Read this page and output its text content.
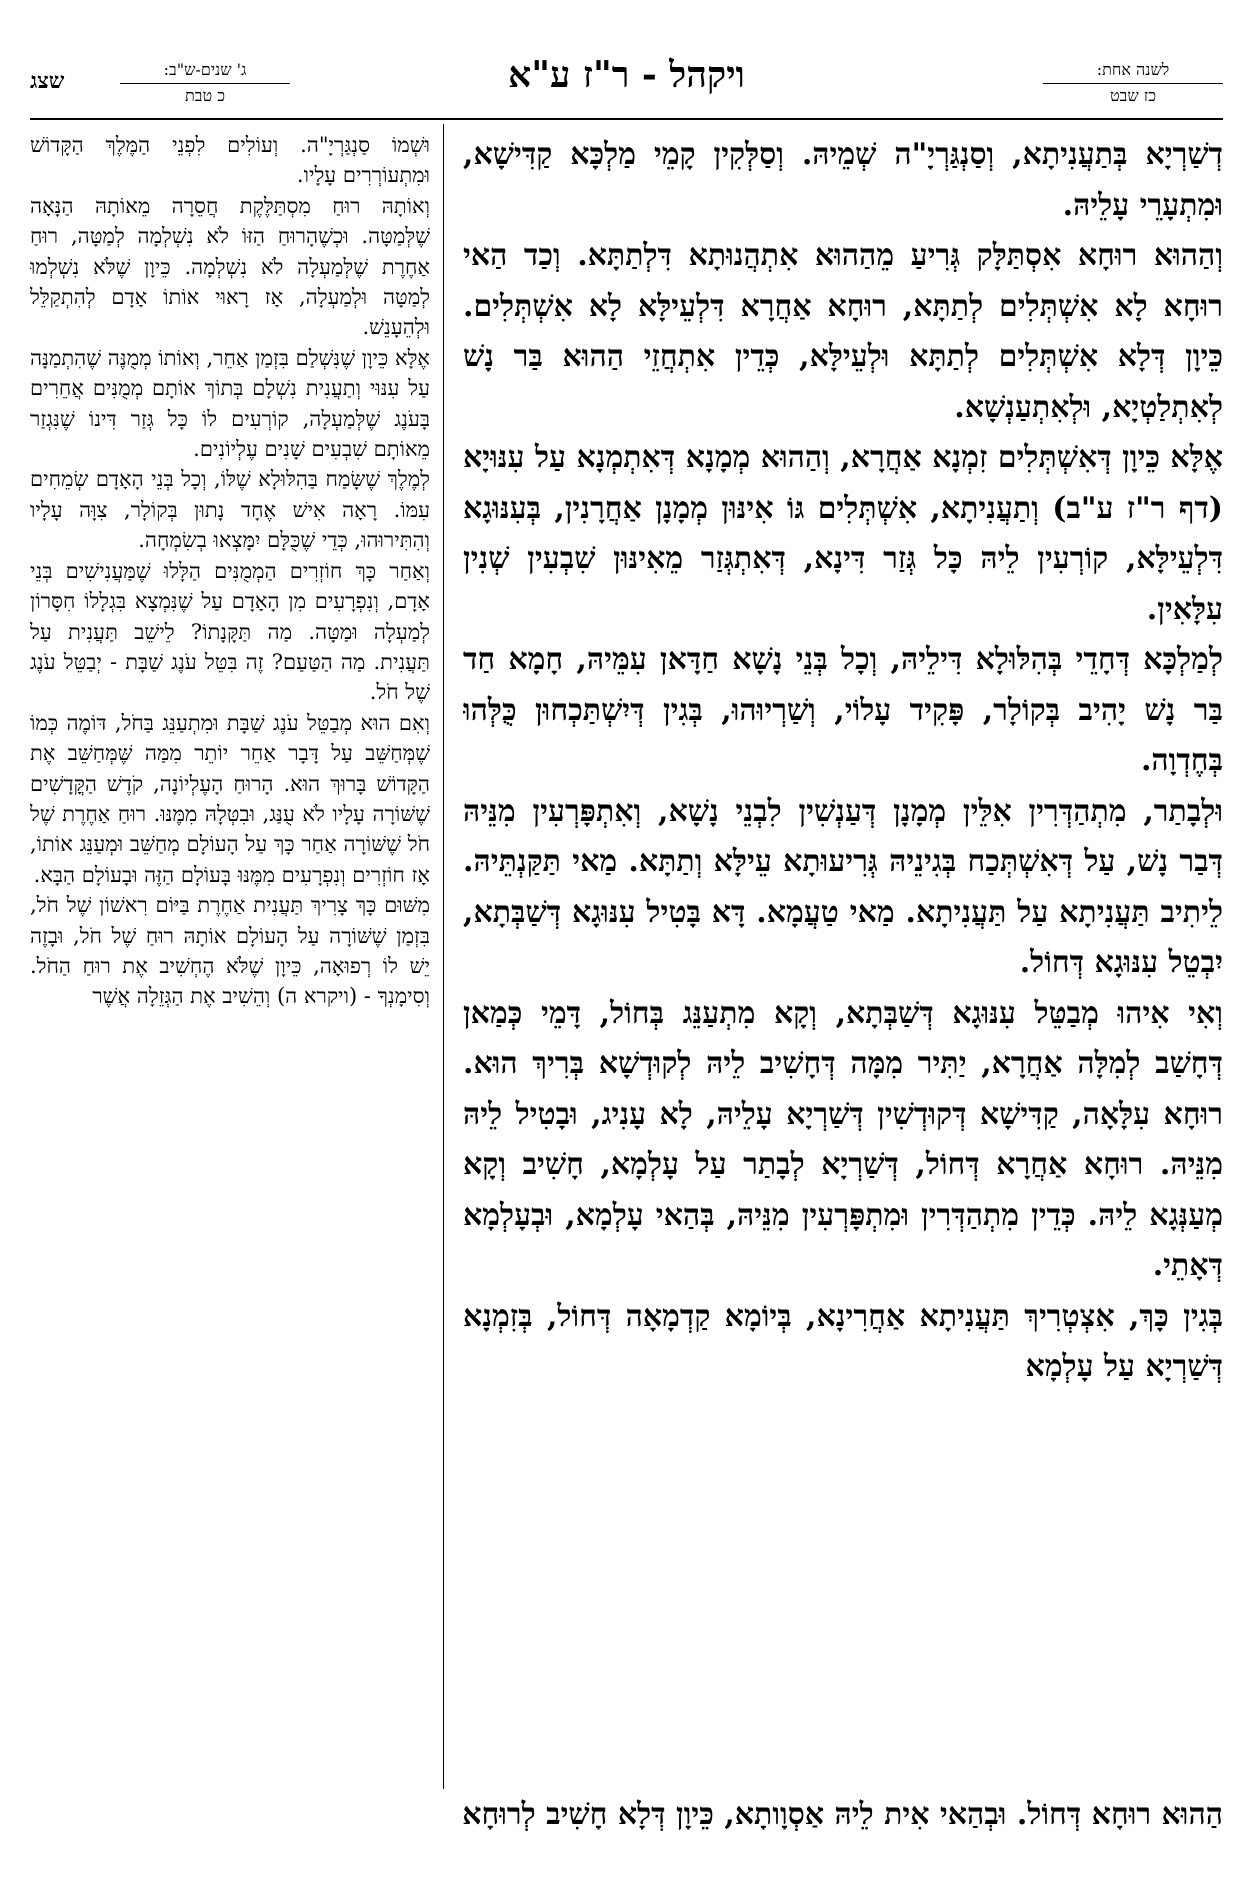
לשנה אחת:
כז שבט
ויקהל - ר"ז ע"א
ג' שנים-ש"ב:
כ טבת
שצג

דְשַׁרְיָא בְּתַעֲנִיתָא, וְסַנְגַּרְיָ"ה שְׁמֵיהּ. וְסַלְּקִין קָמֵי מַלְכָּא קַדִּישָׁא, וּמִתְעָרֵי עָלֵיהּ.

וְהַהוּא רוּחָא אִסְתַּלָּק גְּרִיעַ מֵהַהוּא אִתְהֲנוּתָא דִּלְתַתָּא. וְכַד הַאי רוּחָא לָא אִשְׁתְּלִים לְתַתָּא, רוּחָא אַחֲרָא דִּלְעֵילָּא לָא אִשְׁתְּלִים. כֵּיוָן דְּלָא אִשְׁתְּלִים לְתַתָּא וּלְעֵילָּא, כְּדֵין אִתְחֲזֵי הַהוּא בַּר נָשׁ לְאִתְלַטְיָא, וּלְאִתְעַנְשָׁא.

אֶלָּא כֵּיוָן דְּאִשְׁתְּלִים זִמְנָא אַחֲרָא, וְהַהוּא מְמָנָא דְּאִתְמְנָא עַל עִנּוּיָא (דף ר"ז ע"ב) וְתַעֲנִיתָא, אִשְׁתְּלִים גּוֹ אִינּוּן מְמָנָן אַחֲרָנִין, בְּעִנּוּגָא דִּלְעֵילָּא, קוֹרְעִין לֵיהּ כָּל גְּזַר דִּינָא, דְּאִתְגְּזַר מֵאִינּוּן שִׁבְעִין שְׁנִין עִלָּאִין.

לְמַלְכָּא דְּחָדֵי בְּהִלּוּלָא דִּילֵיהּ, וְכָל בְּנֵי נָשָׁא חַדָּאן עִמֵּיהּ, חָמָא חַד בַּר נָשׁ יָהִיב בְּקוֹלָר, פָּקִיד עָלוֹי, וְשַׁרְיוּהוּ, בְּגִין דְּיִשְׁתַּכְחוּן כֻּלְּהוּ בְּחֶדְוָה.

וּלְבָתַר, מִתְהַדְּרִין אִלֵּין מְמָנָן דְּעַנְשִׁין לִבְנֵי נָשָׁא, וְאִתְפָּרְעִין מִנֵּיהּ דְּבַר נָשׁ, עַל דְּאִשְׁתְּכַח בְּגִינֵיהּ גְּרִיעוּתָא עֵילָּא וְתַתָּא. מַאי תַּקַּנְתֵּיהּ. לֵיתִיב תַּעֲנִיתָא עַל תַּעֲנִיתָא. מַאי טַעֲמָא. דָּא בָּטִיל עִנּוּגָא דְּשַׁבְּתָא, יִבְטֵל עִנּוּגָא דְּחוֹל.

וְאִי אִיהוּ מְבַטֵּל עִנּוּגָא דְּשַׁבְּתָא, וְקָא מִתְעַנֵּג בְּחוֹל, דָּמֵי כְּמַאן דְּחָשַׁב לְמִלָּה אַחֲרָא, יַתִּיר מִמָּה דְּחָשִׁיב לֵיהּ לְקוּדְשָׁא בְּרִיךְ הוּא. רוּחָא עִלָּאָה, קַדִּישָׁא דְּקוּדְשִׁין דְּשַׁרְיָא עָלֵיהּ, לָא עָנִיג, וּבָטִיל לֵיהּ מִנֵּיהּ. רוּחָא אַחֲרָא דְּחוֹל, דְּשַׁרְיָא לְבָתַר עַל עָלְמָא, חָשִׁיב וְקָא מְעַנְּגָא לֵיהּ. כְּדֵין מִתְהַדְּרִין וּמִתְפָּרְעִין מִנֵּיהּ, בְּהַאי עָלְמָא, וּבְעָלְמָא דְּאָתֵי.

בְּגִין כָּךְ, אִצְטְרִיךְ תַּעֲנִיתָא אַחֲרִינָא, בְּיוֹמָא קַדְמָאָה דְּחוֹל, בְּזִמְנָא דְּשַׁרְיָא עַל עָלְמָא

וּשְׁמוֹ סַנְגַּרְיָ"ה. וְעוֹלִים לִפְנֵי הַמֶּלֶךְ הַקָּדוֹשׁ וּמִתְעוֹרְרִים עָלָיו.

וְאוֹתָהּ רוּחַ מִסְתַּלֶּקֶת חֲסֵרָה מֵאוֹתָהּ הַנָּאָה שֶׁלְּמַטָּה. וּכְשֶׁהָרוּחַ הַזּוֹ לֹא נִשְׁלְמָה לְמַטָּה, רוּחַ אַחֶרֶת שֶׁלְּמַעְלָה לֹא נִשְׁלְמָה. כֵּיוָן שֶׁלֹּא נִשְׁלְמוּ לְמַטָּה וּלְמַעְלָה, אָז רָאוּי אוֹתוֹ אָדָם לְהִתְקַלֵּל וּלְהֵעָנֵשׁ.

אֶלָּא כֵּיוָן שֶׁנִּשְׁלַם בִּזְמַן אַחֵר, וְאוֹתוֹ מְמֻנֶּה שֶׁהִתְמַנָּה עַל עִנּוּי וְתַעֲנִית נִשְׁלָם בְּתוֹךְ אוֹתָם מְמֻנִּים אֲחֵרִים בָּעֹנֶג שֶׁלְּמַעְלָה, קוֹרְעִים לוֹ כָּל גְּזַר דִּינוֹ שֶׁנִּגְזַר מֵאוֹתָם שִׁבְעִים שָׁנִים עֶלְיוֹנִים.

לְמֶלֶךְ שֶׁשָּׂמַח בַּהִלּוּלָא שֶׁלּוֹ, וְכָל בְּנֵי הָאָדָם שְׂמֵחִים עִמּוֹ. רָאָה אִישׁ אֶחָד נָתוּן בְּקוֹלָר, צִוָּה עָלָיו וְהִתִּירוּהוּ, כְּדֵי שֶׁכֻּלָּם יִמָּצְאוּ בְשִׂמְחָה.

וְאַחַר כָּךְ חוֹזְרִים הַמְמֻנִּים הַלָּלוּ שֶׁמַּעֲנִישִׁים בְּנֵי אָדָם, וְנִפְרָעִים מִן הָאָדָם עַל שֶׁנִּמְצָא בִּגְלָלוֹ חִסָּרוֹן לְמַעְלָה וּמַטָּה. מַה תַּקָּנָתוֹ? לֵישֵׁב תַּעֲנִית עַל תַּעֲנִית. מַה הַטַּעַם? זֶה בִּטֵּל עֹנֶג שַׁבָּת - יְבַטֵּל עֹנֶג שֶׁל חֹל.

וְאִם הוּא מְבַטֵּל עֹנֶג שַׁבָּת וּמִתְעַנֵּג בַּחֹל, דּוֹמֶה כְּמוֹ שֶׁמְּחַשֵּׁב עַל דָּבָר אַחֵר יוֹתֵר מִמַּה שֶּׁמְּחַשֵּׁב אֶת הַקָּדוֹשׁ בָּרוּךְ הוּא. הָרוּחַ הָעֶלְיוֹנָה, קֹדֶשׁ הַקֳּדָשִׁים שֶׁשּׁוֹרָה עָלָיו לֹא עֻנַּג, וּבִטְּלָהּ מִמֶּנּוּ. רוּחַ אַחֶרֶת שֶׁל חֹל שֶׁשּׁוֹרָה אַחַר כָּךְ עַל הָעוֹלָם מְחַשֵּׁב וּמְעַנֵּג אוֹתוֹ, אָז חוֹזְרִים וְנִפְרָעִים מִמֶּנּוּ בָּעוֹלָם הַזֶּה וּבָעוֹלָם הַבָּא.

מִשּׁוּם כָּךְ צָרִיךְ תַּעֲנִית אַחֶרֶת בַּיּוֹם רִאשׁוֹן שֶׁל חֹל, בִּזְמַן שֶׁשּׁוֹרָה עַל הָעוֹלָם אוֹתָהּ רוּחַ שֶׁל חֹל, וּבָזֶה יֵשׁ לוֹ רְפוּאָה, כֵּיוָן שֶׁלֹּא הֶחְשִׁיב אֶת רוּחַ הַחֹל. וְסִימָנְךָ - (ויקרא ה) וְהֵשִׁיב אֶת הַגְּזֵלָה אֲשֶׁר

הַהוּא רוּחָא דְּחוֹל. וּבְהַאי אִית לֵיהּ אַסְוָותָא, כֵּיוָן דְּלָא חָשִׁיב לְרוּחָא
